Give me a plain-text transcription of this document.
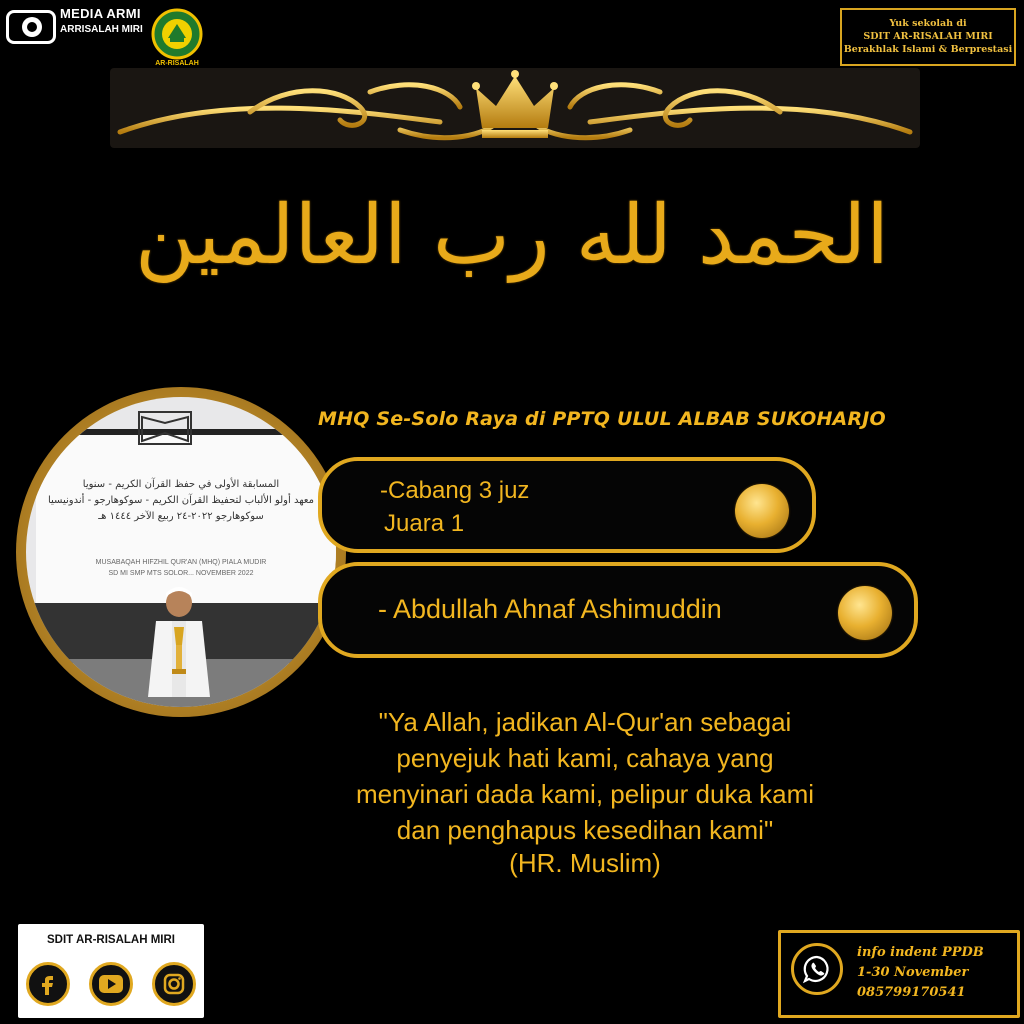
MEDIA ARMI
ARRISALAH MIRI
AR-RISALAH
Yuk sekolah di
SDIT AR-RISALAH MIRI
Berakhlak Islami & Berprestasi
الحمد لله رب العالمين
المسابقة الأولى في حفظ القرآن الكريم - سنويا
معهد أولو الألباب لتحفيظ القرآن الكريم - سوكوهارجو - أندونيسيا
سوكوهارجو ٢٠٢٢-٢٤ ربيع الآخر ١٤٤٤ هـ
MUSABAQAH HIFZHIL QUR'AN (MHQ) PIALA MUDIR
SD MI SMP MTS SOLOR... NOVEMBER 2022
MHQ Se-Solo Raya di PPTQ ULUL ALBAB SUKOHARJO
-Cabang 3 juz
Juara 1
- Abdullah Ahnaf Ashimuddin
"Ya Allah, jadikan Al-Qur'an sebagai
penyejuk hati kami, cahaya yang
menyinari dada kami, pelipur duka kami
dan penghapus kesedihan kami"
(HR. Muslim)
SDIT AR-RISALAH MIRI
info indent PPDB
1-30 November
085799170541
